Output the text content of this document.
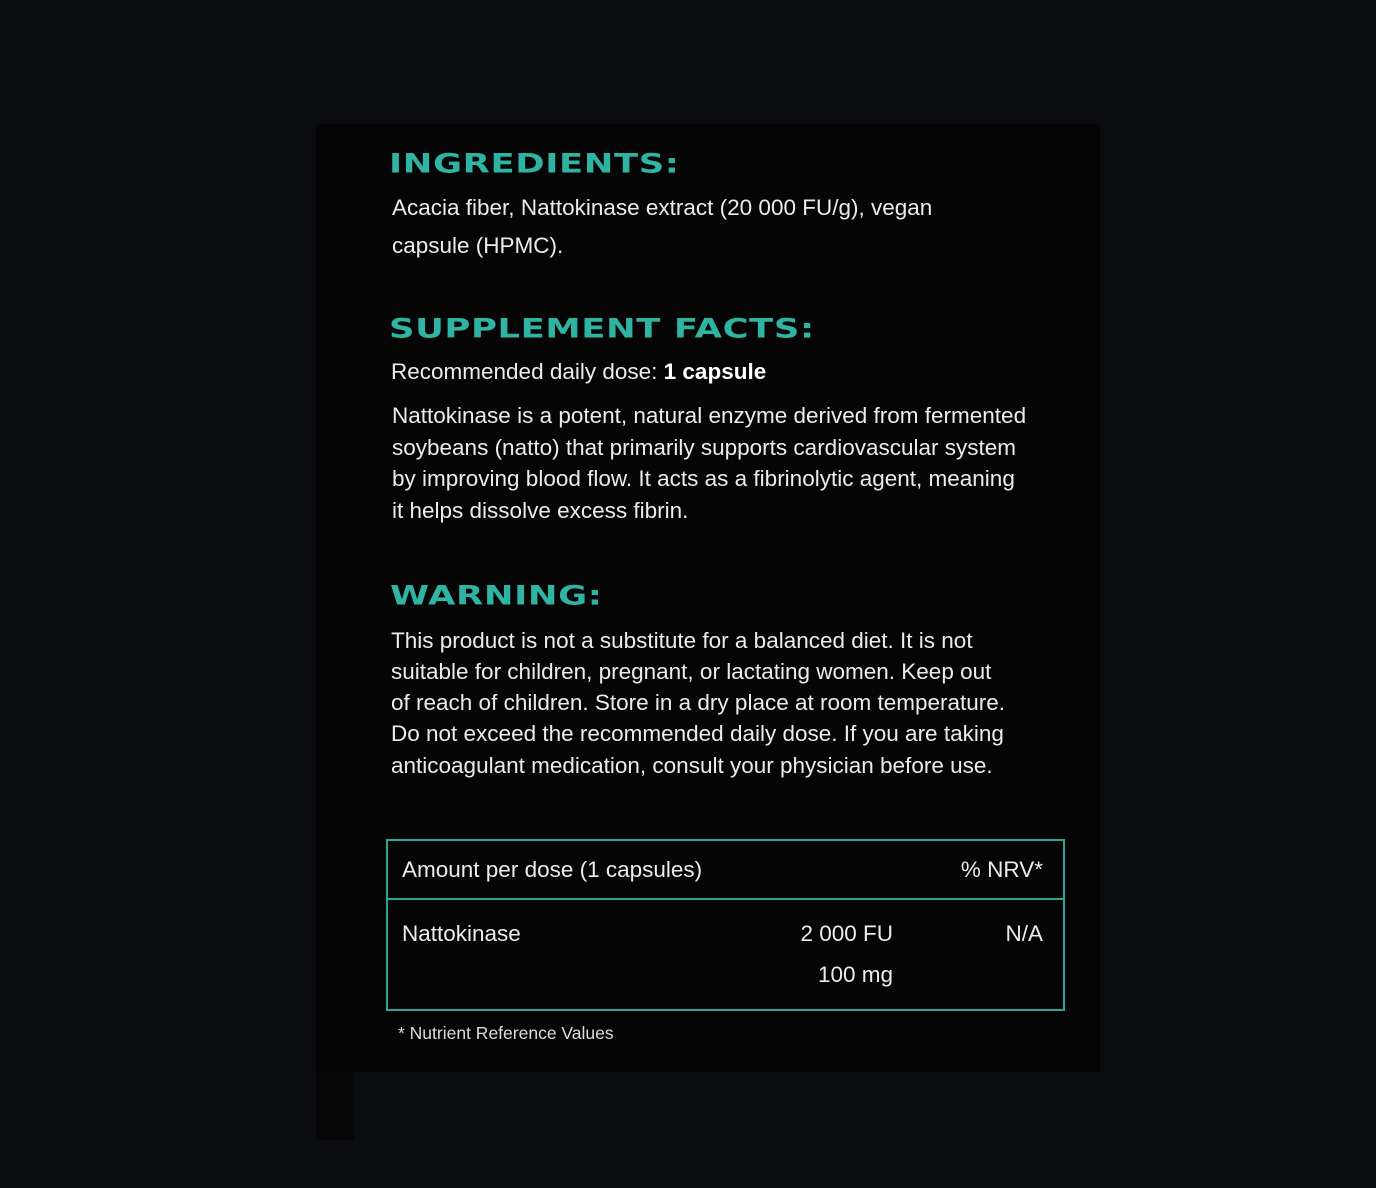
INGREDIENTS:

Acacia fiber, Nattokinase extract (20 000 FU/g), vegan

capsule (HPMC).

SUPPLEMENT FACTS:

Recommended daily dose: 1 capsule

Nattokinase is a potent, natural enzyme derived from fermented

soybeans (natto) that primarily supports cardiovascular system

by improving blood flow. It acts as a fibrinolytic agent, meaning

it helps dissolve excess fibrin.

WARNING:

This product is not a substitute for a balanced diet. It is not

suitable for children, pregnant, or lactating women. Keep out

of reach of children. Store in a dry place at room temperature.

Do not exceed the recommended daily dose. If you are taking

anticoagulant medication, consult your physician before use.

Amount per dose (1 capsules)	% NRV*
Nattokinase	2 000 FU
100 mg
N/A
* Nutrient Reference Values
